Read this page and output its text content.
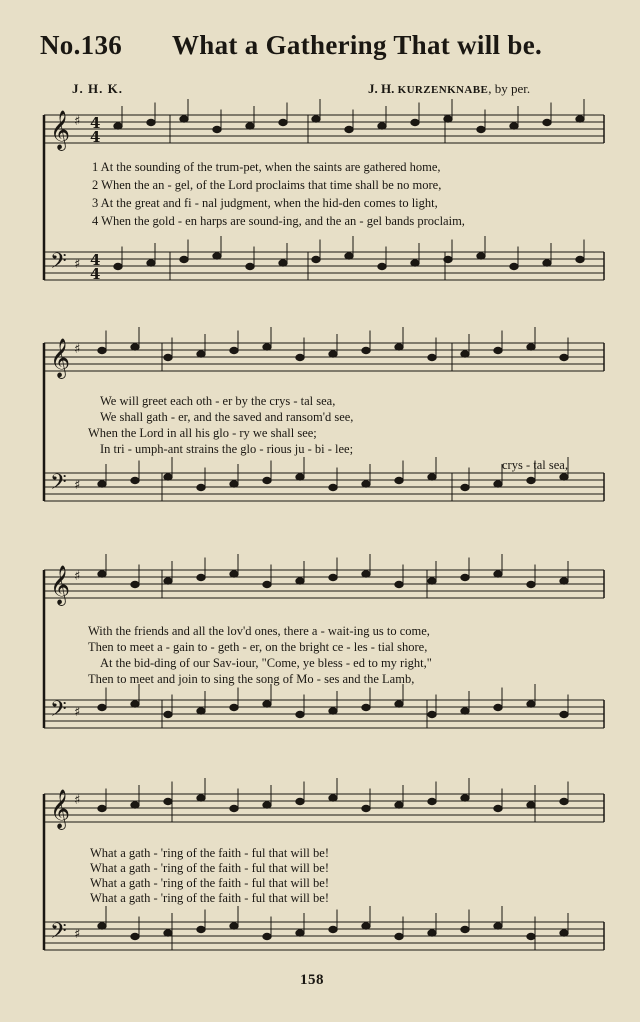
No.136 What a Gathering That will be.
J. H. K.	J. H. KURZENKNABE, by per.
𝄞 ♯ 4
4
𝄢 ♯ 4
4
𝄞 ♯
𝄢 ♯
𝄞 ♯
𝄢 ♯
𝄞 ♯
𝄢 ♯
1 At the sounding of the trum-pet, when the saints are gathered home,
2 When the an - gel, of the Lord proclaims that time shall be no more,
3 At the great and fi - nal judgment, when the hid-den comes to light,
4 When the gold - en harps are sound-ing, and the an - gel bands proclaim,
We will greet each oth - er by the crys - tal sea,
We shall gath - er, and the saved and ransom'd see,
When the Lord in all his glo - ry we shall see;
In tri - umph-ant strains the glo - rious ju - bi - lee;
crys - tal sea,
With the friends and all the lov'd ones, there a - wait-ing us to come,
Then to meet a - gain to - geth - er, on the bright ce - les - tial shore,
At the bid-ding of our Sav-iour, "Come, ye bless - ed to my right,"
Then to meet and join to sing the song of Mo - ses and the Lamb,
What a gath - 'ring of the faith - ful that will be!
What a gath - 'ring of the faith - ful that will be!
What a gath - 'ring of the faith - ful that will be!
What a gath - 'ring of the faith - ful that will be!
158
